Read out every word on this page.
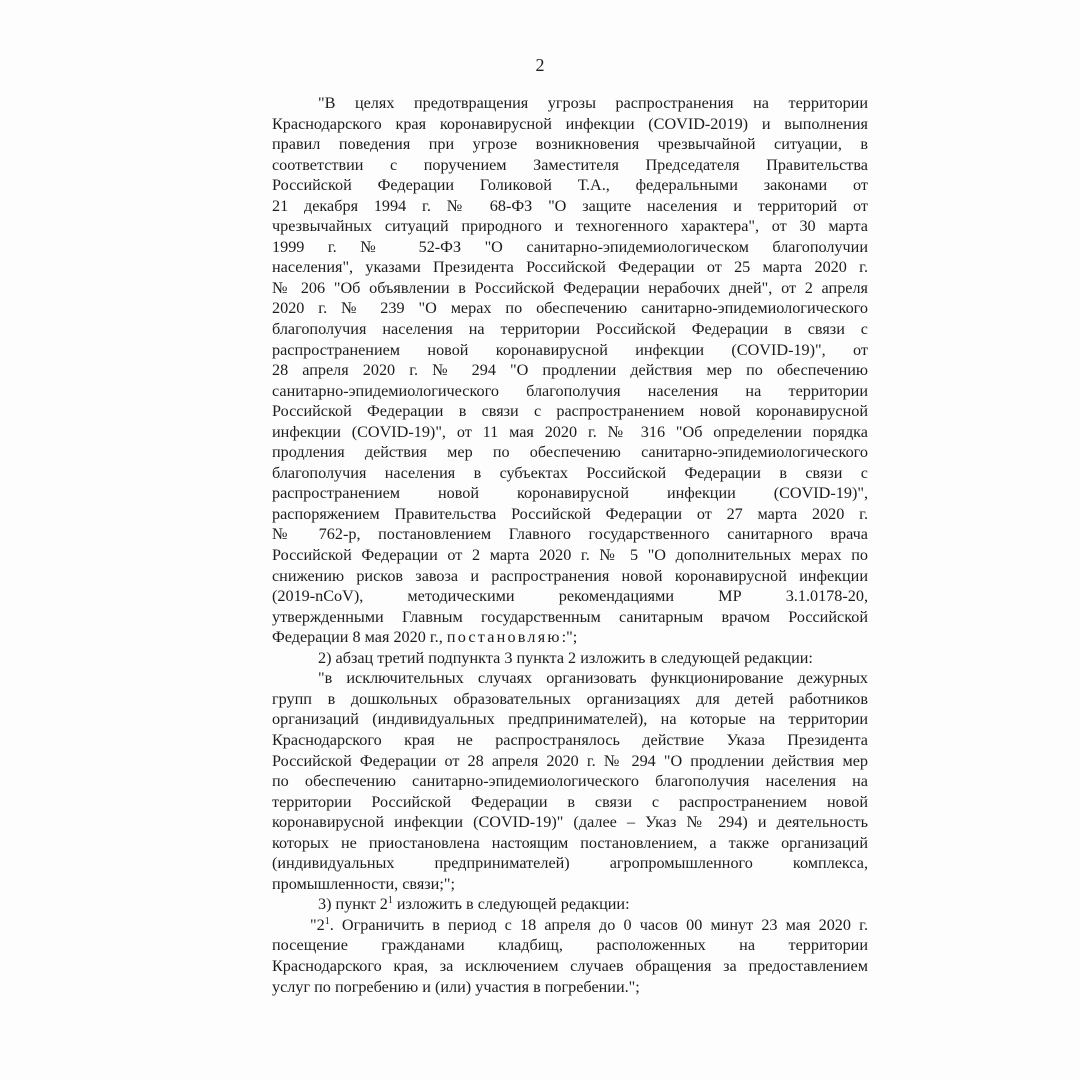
2
"В целях предотвращения угрозы распространения на территории
Краснодарского края коронавирусной инфекции (COVID-2019) и выполнения
правил поведения при угрозе возникновения чрезвычайной ситуации, в
соответствии с поручением Заместителя Председателя Правительства
Российской Федерации Голиковой Т.А., федеральными законами от
21 декабря 1994 г. № 68-ФЗ "О защите населения и территорий от
чрезвычайных ситуаций природного и техногенного характера", от 30 марта
1999 г. № 52-ФЗ "О санитарно-эпидемиологическом благополучии
населения", указами Президента Российской Федерации от 25 марта 2020 г.
№ 206 "Об объявлении в Российской Федерации нерабочих дней", от 2 апреля
2020 г. № 239 "О мерах по обеспечению санитарно-эпидемиологического
благополучия населения на территории Российской Федерации в связи с
распространением новой коронавирусной инфекции (COVID-19)", от
28 апреля 2020 г. № 294 "О продлении действия мер по обеспечению
санитарно-эпидемиологического благополучия населения на территории
Российской Федерации в связи с распространением новой коронавирусной
инфекции (COVID-19)", от 11 мая 2020 г. № 316 "Об определении порядка
продления действия мер по обеспечению санитарно-эпидемиологического
благополучия населения в субъектах Российской Федерации в связи с
распространением новой коронавирусной инфекции (COVID-19)",
распоряжением Правительства Российской Федерации от 27 марта 2020 г.
№ 762-р, постановлением Главного государственного санитарного врача
Российской Федерации от 2 марта 2020 г. № 5 "О дополнительных мерах по
снижению рисков завоза и распространения новой коронавирусной инфекции
(2019-nCoV), методическими рекомендациями МР 3.1.0178-20,
утвержденными Главным государственным санитарным врачом Российской
Федерации 8 мая 2020 г., постановляю:";
2) абзац третий подпункта 3 пункта 2 изложить в следующей редакции:
"в исключительных случаях организовать функционирование дежурных
групп в дошкольных образовательных организациях для детей работников
организаций (индивидуальных предпринимателей), на которые на территории
Краснодарского края не распространялось действие Указа Президента
Российской Федерации от 28 апреля 2020 г. № 294 "О продлении действия мер
по обеспечению санитарно-эпидемиологического благополучия населения на
территории Российской Федерации в связи с распространением новой
коронавирусной инфекции (COVID-19)" (далее – Указ № 294) и деятельность
которых не приостановлена настоящим постановлением, а также организаций
(индивидуальных предпринимателей) агропромышленного комплекса,
промышленности, связи;";
3) пункт $2^1$ изложить в следующей редакции:
"$2^1$. Ограничить в период с 18 апреля до 0 часов 00 минут 23 мая 2020 г.
посещение гражданами кладбищ, расположенных на территории
Краснодарского края, за исключением случаев обращения за предоставлением
услуг по погребению и (или) участия в погребении.";
